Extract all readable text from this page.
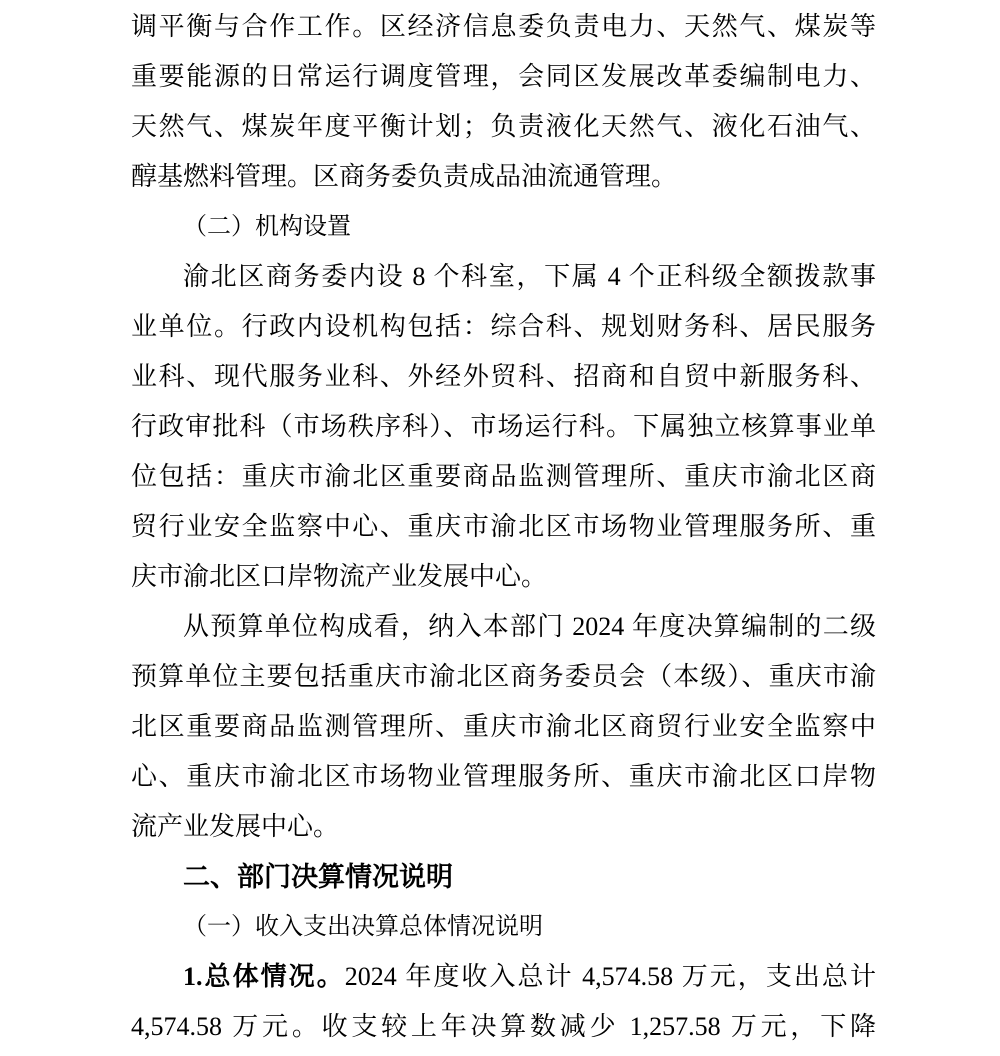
调平衡与合作工作。区经济信息委负责电力、天然气、煤炭等
重要能源的日常运行调度管理，会同区发展改革委编制电力、
天然气、煤炭年度平衡计划；负责液化天然气、液化石油气、
醇基燃料管理。区商务委负责成品油流通管理。
（二）机构设置
渝北区商务委内设 8 个科室，下属 4 个正科级全额拨款事
业单位。行政内设机构包括：综合科、规划财务科、居民服务
业科、现代服务业科、外经外贸科、招商和自贸中新服务科、
行政审批科（市场秩序科）、市场运行科。下属独立核算事业单
位包括：重庆市渝北区重要商品监测管理所、重庆市渝北区商
贸行业安全监察中心、重庆市渝北区市场物业管理服务所、重
庆市渝北区口岸物流产业发展中心。
从预算单位构成看，纳入本部门 2024 年度决算编制的二级
预算单位主要包括重庆市渝北区商务委员会（本级）、重庆市渝
北区重要商品监测管理所、重庆市渝北区商贸行业安全监察中
心、重庆市渝北区市场物业管理服务所、重庆市渝北区口岸物
流产业发展中心。
二、部门决算情况说明
（一）收入支出决算总体情况说明
1.总体情况。2024 年度收入总计 4,574.58 万元，支出总计
4,574.58 万元。收支较上年决算数减少 1,257.58 万元，下降
